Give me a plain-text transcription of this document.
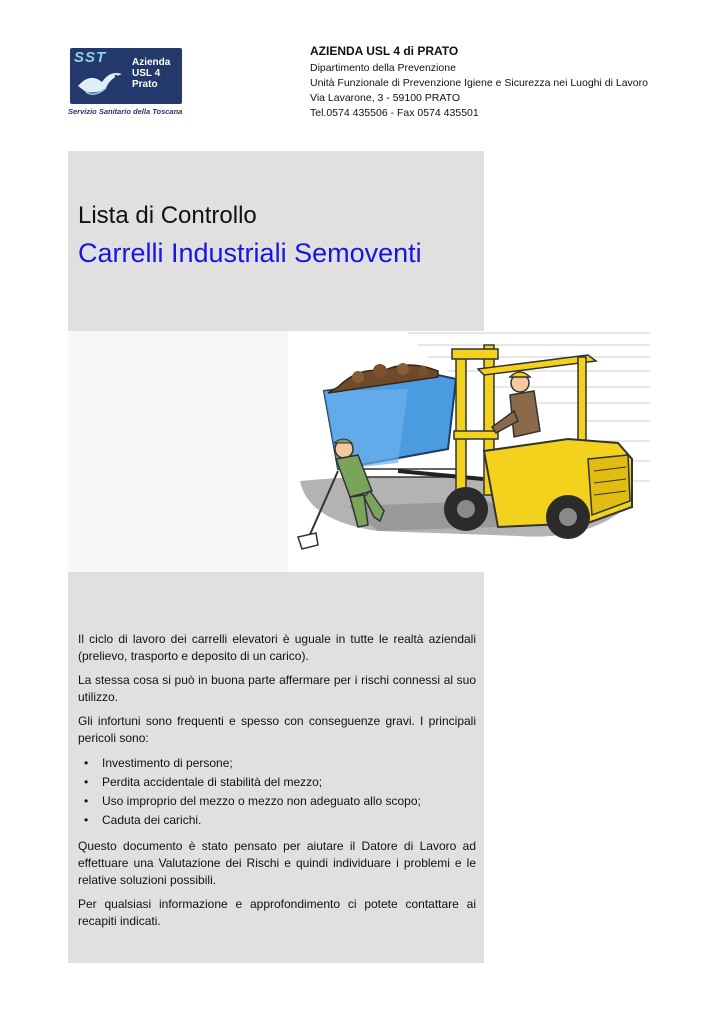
SST	Azienda
USL 4
Prato
Servizio Sanitario della Toscana
AZIENDA USL 4 di PRATO
Dipartimento della Prevenzione
Unità Funzionale di Prevenzione Igiene e Sicurezza nei Luoghi di Lavoro
Via Lavarone, 3 - 59100 PRATO
Tel.0574 435506 - Fax 0574 435501
Lista di Controllo
Carrelli Industriali Semoventi

Il ciclo di lavoro dei carrelli elevatori è uguale in tutte le realtà aziendali (prelievo, trasporto e deposito di un carico).

La stessa cosa si può in buona parte affermare per i rischi connessi al suo utilizzo.

Gli infortuni sono frequenti e spesso con conseguenze gravi. I principali pericoli sono:

• Investimento di persone;
• Perdita accidentale di stabilità del mezzo;
• Uso improprio del mezzo o mezzo non adeguato allo scopo;
• Caduta dei carichi.

Questo documento è stato pensato per aiutare il Datore di Lavoro ad effettuare una Valutazione dei Rischi e quindi individuare i problemi e le relative soluzioni possibili.

Per qualsiasi informazione e approfondimento ci potete contattare ai recapiti indicati.
